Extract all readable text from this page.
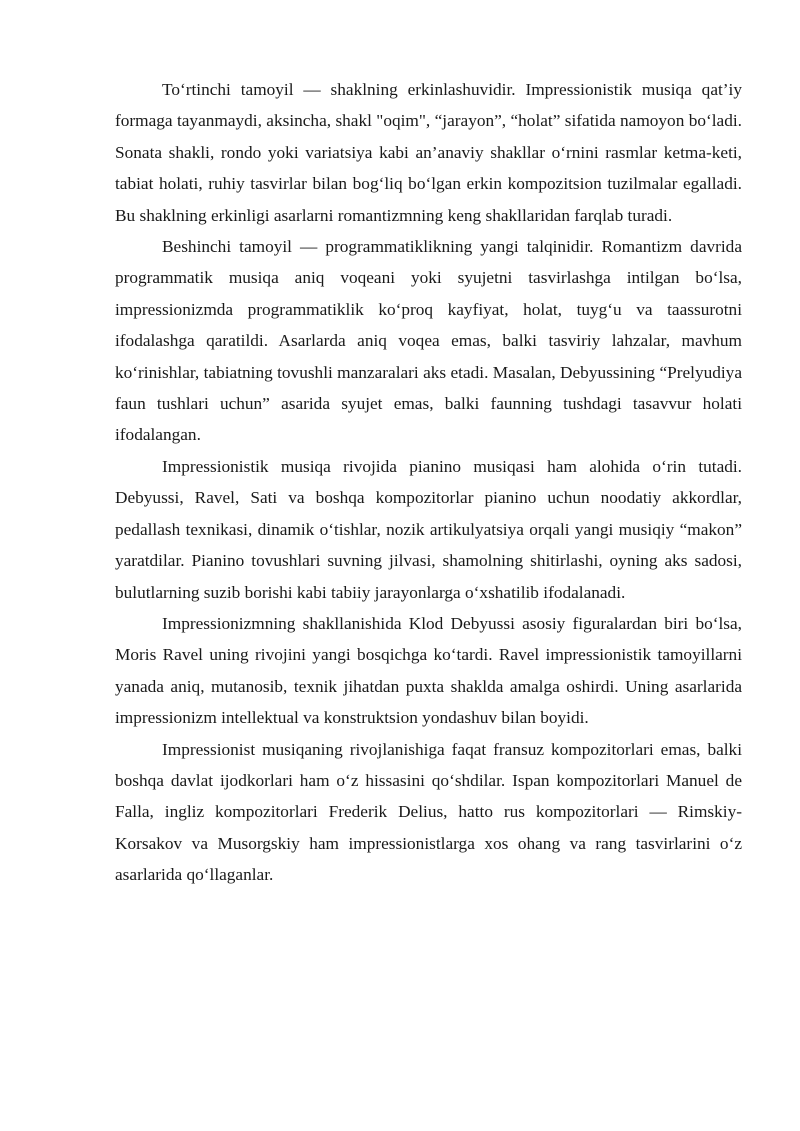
To‘rtinchi tamoyil — shaklning erkinlashuvidir. Impressionistik musiqa qat’iy formaga tayanmaydi, aksincha, shakl "oqim", “jarayon”, “holat” sifatida namoyon bo‘ladi. Sonata shakli, rondo yoki variatsiya kabi an’anaviy shakllar o‘rnini rasmlar ketma-keti, tabiat holati, ruhiy tasvirlar bilan bog‘liq bo‘lgan erkin kompozitsion tuzilmalar egalladi. Bu shaklning erkinligi asarlarni romantizmning keng shakllaridan farqlab turadi.

Beshinchi tamoyil — programmatiklikning yangi talqinidir. Romantizm davrida programmatik musiqa aniq voqeani yoki syujetni tasvirlashga intilgan bo‘lsa, impressionizmda programmatiklik ko‘proq kayfiyat, holat, tuyg‘u va taassurotni ifodalashga qaratildi. Asarlarda aniq voqea emas, balki tasviriy lahzalar, mavhum ko‘rinishlar, tabiatning tovushli manzaralari aks etadi. Masalan, Debyussining “Prelyudiya faun tushlari uchun” asarida syujet emas, balki faunning tushdagi tasavvur holati ifodalangan.

Impressionistik musiqa rivojida pianino musiqasi ham alohida o‘rin tutadi. Debyussi, Ravel, Sati va boshqa kompozitorlar pianino uchun noodatiy akkordlar, pedallash texnikasi, dinamik o‘tishlar, nozik artikulyatsiya orqali yangi musiqiy “makon” yaratdilar. Pianino tovushlari suvning jilvasi, shamolning shitirlashi, oyning aks sadosi, bulutlarning suzib borishi kabi tabiiy jarayonlarga o‘xshatilib ifodalanadi.

Impressionizmning shakllanishida Klod Debyussi asosiy figuralardan biri bo‘lsa, Moris Ravel uning rivojini yangi bosqichga ko‘tardi. Ravel impressionistik tamoyillarni yanada aniq, mutanosib, texnik jihatdan puxta shaklda amalga oshirdi. Uning asarlarida impressionizm intellektual va konstruktsion yondashuv bilan boyidi.

Impressionist musiqaning rivojlanishiga faqat fransuz kompozitorlari emas, balki boshqa davlat ijodkorlari ham o‘z hissasini qo‘shdilar. Ispan kompozitorlari Manuel de Falla, ingliz kompozitorlari Frederik Delius, hatto rus kompozitorlari — Rimskiy-Korsakov va Musorgskiy ham impressionistlarga xos ohang va rang tasvirlarini o‘z asarlarida qo‘llaganlar.
